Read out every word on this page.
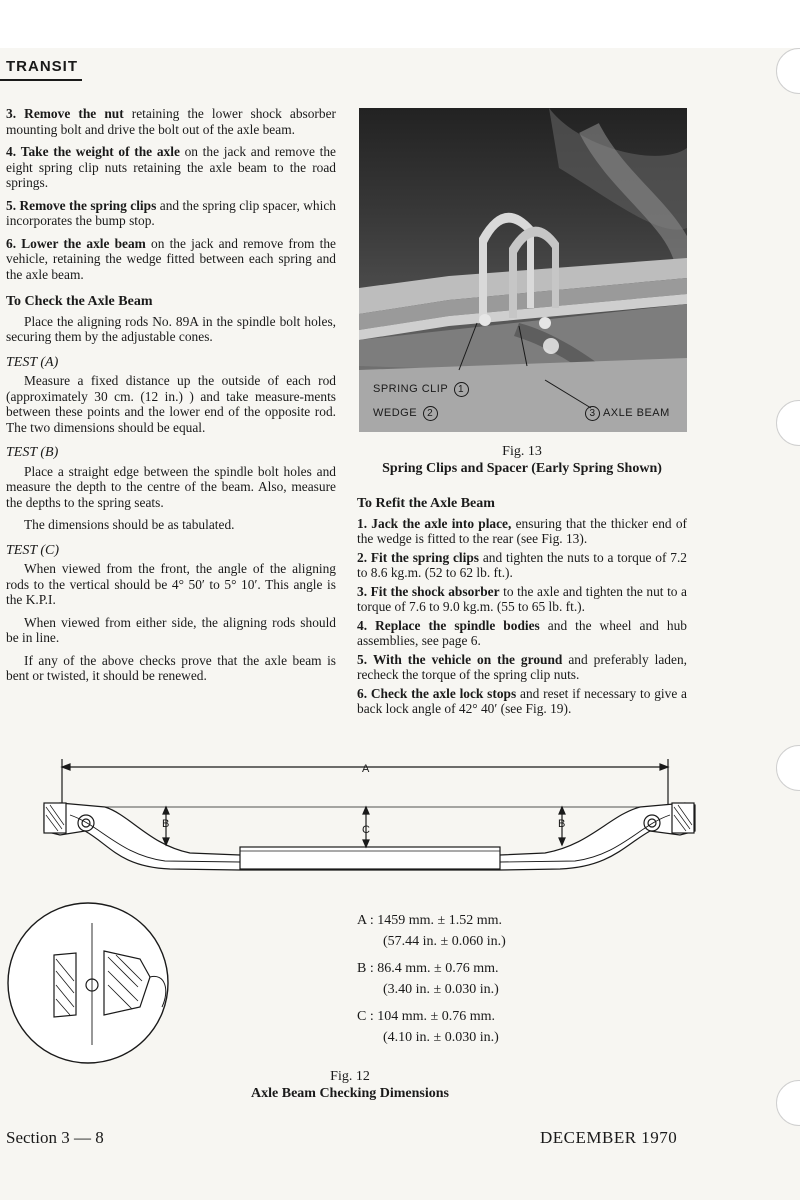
TRANSIT

3. Remove the nut retaining the lower shock absorber mounting bolt and drive the bolt out of the axle beam.

4. Take the weight of the axle on the jack and remove the eight spring clip nuts retaining the axle beam to the road springs.

5. Remove the spring clips and the spring clip spacer, which incorporates the bump stop.

6. Lower the axle beam on the jack and remove from the vehicle, retaining the wedge fitted between each spring and the axle beam.

To Check the Axle Beam

Place the aligning rods No. 89A in the spindle bolt holes, securing them by the adjustable cones.

TEST (A)

Measure a fixed distance up the outside of each rod (approximately 30 cm. (12 in.) ) and take measure-ments between these points and the lower end of the opposite rod. The two dimensions should be equal.

TEST (B)

Place a straight edge between the spindle bolt holes and measure the depth to the centre of the beam. Also, measure the depths to the spring seats.

The dimensions should be as tabulated.

TEST (C)

When viewed from the front, the angle of the aligning rods to the vertical should be 4° 50′ to 5° 10′. This angle is the K.P.I.

When viewed from either side, the aligning rods should be in line.

If any of the above checks prove that the axle beam is bent or twisted, it should be renewed.

SPRING CLIP 1
WEDGE 2	3 AXLE BEAM
Fig. 13
Spring Clips and Spacer (Early Spring Shown)
To Refit the Axle Beam

1. Jack the axle into place, ensuring that the thicker end of the wedge is fitted to the rear (see Fig. 13).

2. Fit the spring clips and tighten the nuts to a torque of 7.2 to 8.6 kg.m. (52 to 62 lb. ft.).

3. Fit the shock absorber to the axle and tighten the nut to a torque of 7.6 to 9.0 kg.m. (55 to 65 lb. ft.).

4. Replace the spindle bodies and the wheel and hub assemblies, see page 6.

5. With the vehicle on the ground and preferably laden, recheck the torque of the spring clip nuts.

6. Check the axle lock stops and reset if necessary to give a back lock angle of 42° 40′ (see Fig. 19).

A
B	C	B
A : 1459 mm. ± 1.52 mm.
(57.44 in. ± 0.060 in.)
B : 86.4 mm. ± 0.76 mm.
(3.40 in. ± 0.030 in.)
C : 104 mm. ± 0.76 mm.
(4.10 in. ± 0.030 in.)
Fig. 12
Axle Beam Checking Dimensions
Section 3 — 8	DECEMBER 1970
